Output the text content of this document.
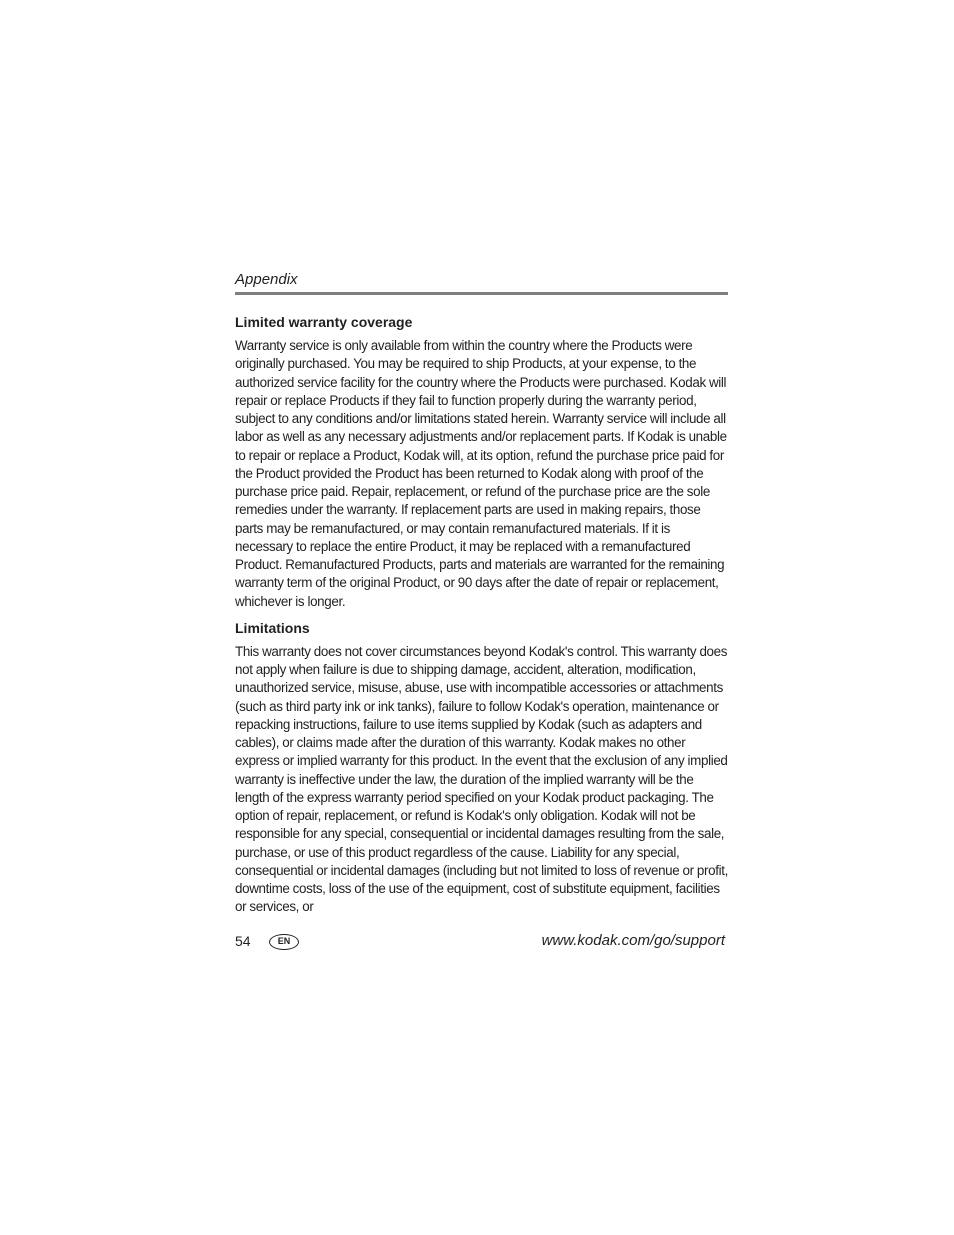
Appendix
Limited warranty coverage

Warranty service is only available from within the country where the Products were originally purchased. You may be required to ship Products, at your expense, to the authorized service facility for the country where the Products were purchased. Kodak will repair or replace Products if they fail to function properly during the warranty period, subject to any conditions and/or limitations stated herein. Warranty service will include all labor as well as any necessary adjustments and/or replacement parts. If Kodak is unable to repair or replace a Product, Kodak will, at its option, refund the purchase price paid for the Product provided the Product has been returned to Kodak along with proof of the purchase price paid. Repair, replacement, or refund of the purchase price are the sole remedies under the warranty. If replacement parts are used in making repairs, those parts may be remanufactured, or may contain remanufactured materials. If it is necessary to replace the entire Product, it may be replaced with a remanufactured Product. Remanufactured Products, parts and materials are warranted for the remaining warranty term of the original Product, or 90 days after the date of repair or replacement, whichever is longer.

Limitations

This warranty does not cover circumstances beyond Kodak's control. This warranty does not apply when failure is due to shipping damage, accident, alteration, modification, unauthorized service, misuse, abuse, use with incompatible accessories or attachments (such as third party ink or ink tanks), failure to follow Kodak's operation, maintenance or repacking instructions, failure to use items supplied by Kodak (such as adapters and cables), or claims made after the duration of this warranty. Kodak makes no other express or implied warranty for this product. In the event that the exclusion of any implied warranty is ineffective under the law, the duration of the implied warranty will be the length of the express warranty period specified on your Kodak product packaging. The option of repair, replacement, or refund is Kodak's only obligation. Kodak will not be responsible for any special, consequential or incidental damages resulting from the sale, purchase, or use of this product regardless of the cause. Liability for any special, consequential or incidental damages (including but not limited to loss of revenue or profit, downtime costs, loss of the use of the equipment, cost of substitute equipment, facilities or services, or

54	EN	www.kodak.com/go/support
